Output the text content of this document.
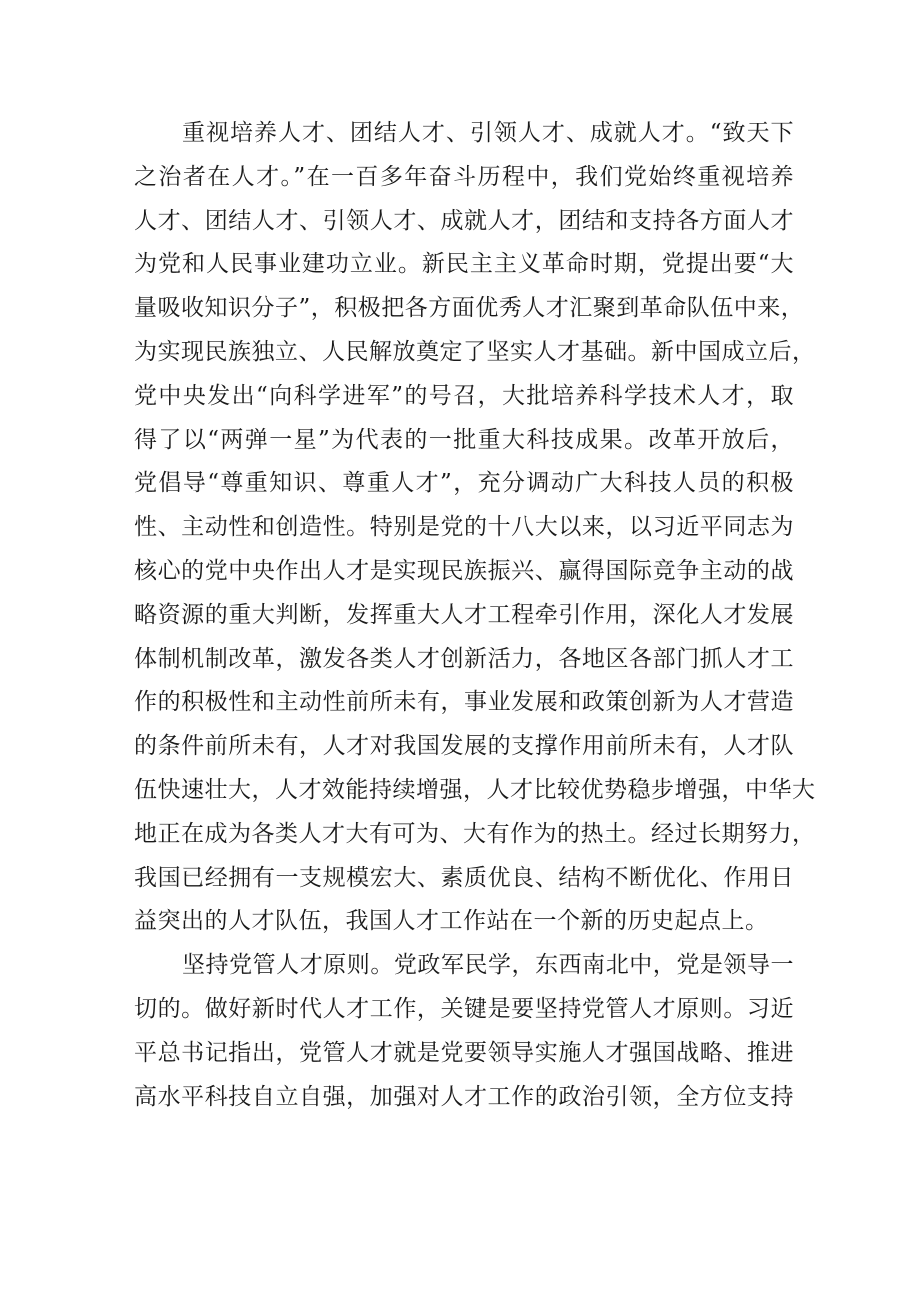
重视培养人才、团结人才、引领人才、成就人才。“致天下
之治者在人才。”在一百多年奋斗历程中，我们党始终重视培养
人才、团结人才、引领人才、成就人才，团结和支持各方面人才
为党和人民事业建功立业。新民主主义革命时期，党提出要“大
量吸收知识分子”，积极把各方面优秀人才汇聚到革命队伍中来，
为实现民族独立、人民解放奠定了坚实人才基础。新中国成立后，
党中央发出“向科学进军”的号召，大批培养科学技术人才，取
得了以“两弹一星”为代表的一批重大科技成果。改革开放后，
党倡导“尊重知识、尊重人才”，充分调动广大科技人员的积极
性、主动性和创造性。特别是党的十八大以来，以习近平同志为
核心的党中央作出人才是实现民族振兴、赢得国际竞争主动的战
略资源的重大判断，发挥重大人才工程牵引作用，深化人才发展
体制机制改革，激发各类人才创新活力，各地区各部门抓人才工
作的积极性和主动性前所未有，事业发展和政策创新为人才营造
的条件前所未有，人才对我国发展的支撑作用前所未有，人才队
伍快速壮大，人才效能持续增强，人才比较优势稳步增强，中华大
地正在成为各类人才大有可为、大有作为的热土。经过长期努力，
我国已经拥有一支规模宏大、素质优良、结构不断优化、作用日
益突出的人才队伍，我国人才工作站在一个新的历史起点上。
坚持党管人才原则。党政军民学，东西南北中，党是领导一
切的。做好新时代人才工作，关键是要坚持党管人才原则。习近
平总书记指出，党管人才就是党要领导实施人才强国战略、推进
高水平科技自立自强，加强对人才工作的政治引领，全方位支持
